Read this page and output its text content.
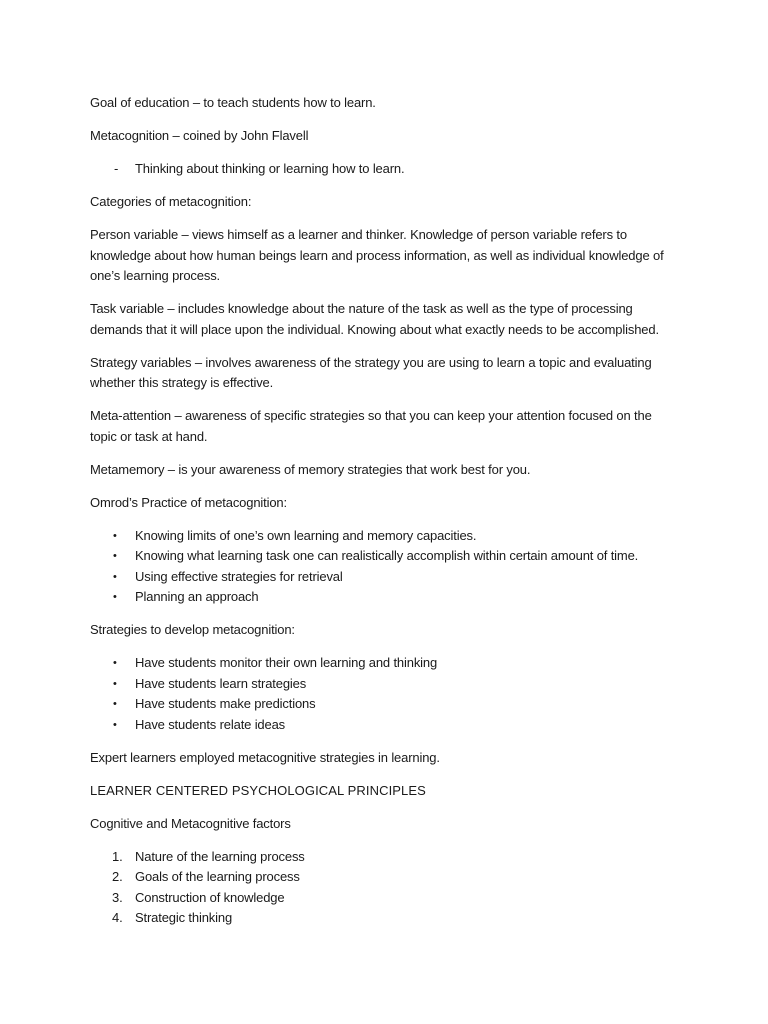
Goal of education – to teach students how to learn.

Metacognition – coined by John Flavell

- Thinking about thinking or learning how to learn.

Categories of metacognition:

Person variable – views himself as a learner and thinker. Knowledge of person variable refers to knowledge about how human beings learn and process information, as well as individual knowledge of one’s learning process.

Task variable – includes knowledge about the nature of the task as well as the type of processing demands that it will place upon the individual. Knowing about what exactly needs to be accomplished.

Strategy variables – involves awareness of the strategy you are using to learn a topic and evaluating whether this strategy is effective.

Meta-attention – awareness of specific strategies so that you can keep your attention focused on the topic or task at hand.

Metamemory – is your awareness of memory strategies that work best for you.

Omrod’s Practice of metacognition:

• Knowing limits of one’s own learning and memory capacities.
• Knowing what learning task one can realistically accomplish within certain amount of time.
• Using effective strategies for retrieval
• Planning an approach

Strategies to develop metacognition:

• Have students monitor their own learning and thinking
• Have students learn strategies
• Have students make predictions
• Have students relate ideas

Expert learners employed metacognitive strategies in learning.

LEARNER CENTERED PSYCHOLOGICAL PRINCIPLES

Cognitive and Metacognitive factors

1. Nature of the learning process
2. Goals of the learning process
3. Construction of knowledge
4. Strategic thinking
